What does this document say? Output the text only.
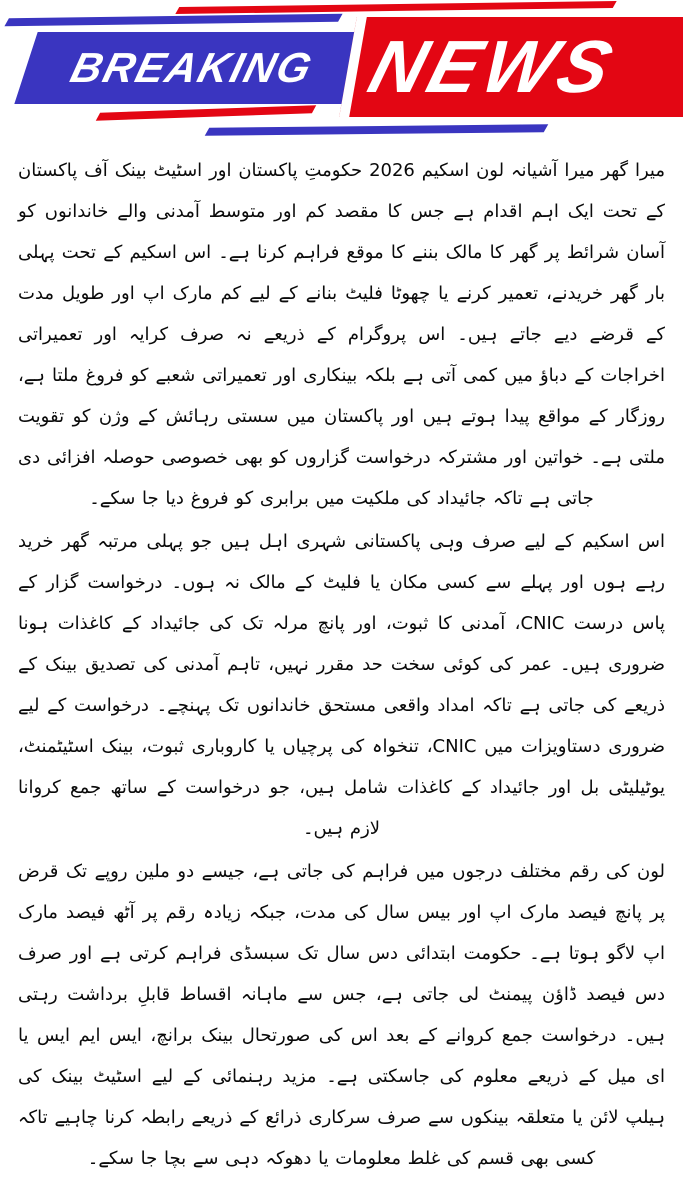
BREAKING NEWS

میرا گھر میرا آشیانہ لون اسکیم 2026 حکومتِ پاکستان اور اسٹیٹ بینک آف پاکستان کے تحت ایک اہم اقدام ہے جس کا مقصد کم اور متوسط آمدنی والے خاندانوں کو آسان شرائط پر گھر کا مالک بننے کا موقع فراہم کرنا ہے۔ اس اسکیم کے تحت پہلی بار گھر خریدنے، تعمیر کرنے یا چھوٹا فلیٹ بنانے کے لیے کم مارک اپ اور طویل مدت کے قرضے دیے جاتے ہیں۔ اس پروگرام کے ذریعے نہ صرف کرایہ اور تعمیراتی اخراجات کے دباؤ میں کمی آتی ہے بلکہ بینکاری اور تعمیراتی شعبے کو فروغ ملتا ہے، روزگار کے مواقع پیدا ہوتے ہیں اور پاکستان میں سستی رہائش کے وژن کو تقویت ملتی ہے۔ خواتین اور مشترکہ درخواست گزاروں کو بھی خصوصی حوصلہ افزائی دی جاتی ہے تاکہ جائیداد کی ملکیت میں برابری کو فروغ دیا جا سکے۔

اس اسکیم کے لیے صرف وہی پاکستانی شہری اہل ہیں جو پہلی مرتبہ گھر خرید رہے ہوں اور پہلے سے کسی مکان یا فلیٹ کے مالک نہ ہوں۔ درخواست گزار کے پاس درست CNIC، آمدنی کا ثبوت، اور پانچ مرلہ تک کی جائیداد کے کاغذات ہونا ضروری ہیں۔ عمر کی کوئی سخت حد مقرر نہیں، تاہم آمدنی کی تصدیق بینک کے ذریعے کی جاتی ہے تاکہ امداد واقعی مستحق خاندانوں تک پہنچے۔ درخواست کے لیے ضروری دستاویزات میں CNIC، تنخواہ کی پرچیاں یا کاروباری ثبوت، بینک اسٹیٹمنٹ، یوٹیلیٹی بل اور جائیداد کے کاغذات شامل ہیں، جو درخواست کے ساتھ جمع کروانا لازم ہیں۔

لون کی رقم مختلف درجوں میں فراہم کی جاتی ہے، جیسے دو ملین روپے تک قرض پر پانچ فیصد مارک اپ اور بیس سال کی مدت، جبکہ زیادہ رقم پر آٹھ فیصد مارک اپ لاگو ہوتا ہے۔ حکومت ابتدائی دس سال تک سبسڈی فراہم کرتی ہے اور صرف دس فیصد ڈاؤن پیمنٹ لی جاتی ہے، جس سے ماہانہ اقساط قابلِ برداشت رہتی ہیں۔ درخواست جمع کروانے کے بعد اس کی صورتحال بینک برانچ، ایس ایم ایس یا ای میل کے ذریعے معلوم کی جاسکتی ہے۔ مزید رہنمائی کے لیے اسٹیٹ بینک کی ہیلپ لائن یا متعلقہ بینکوں سے صرف سرکاری ذرائع کے ذریعے رابطہ کرنا چاہیے تاکہ کسی بھی قسم کی غلط معلومات یا دھوکہ دہی سے بچا جا سکے۔
